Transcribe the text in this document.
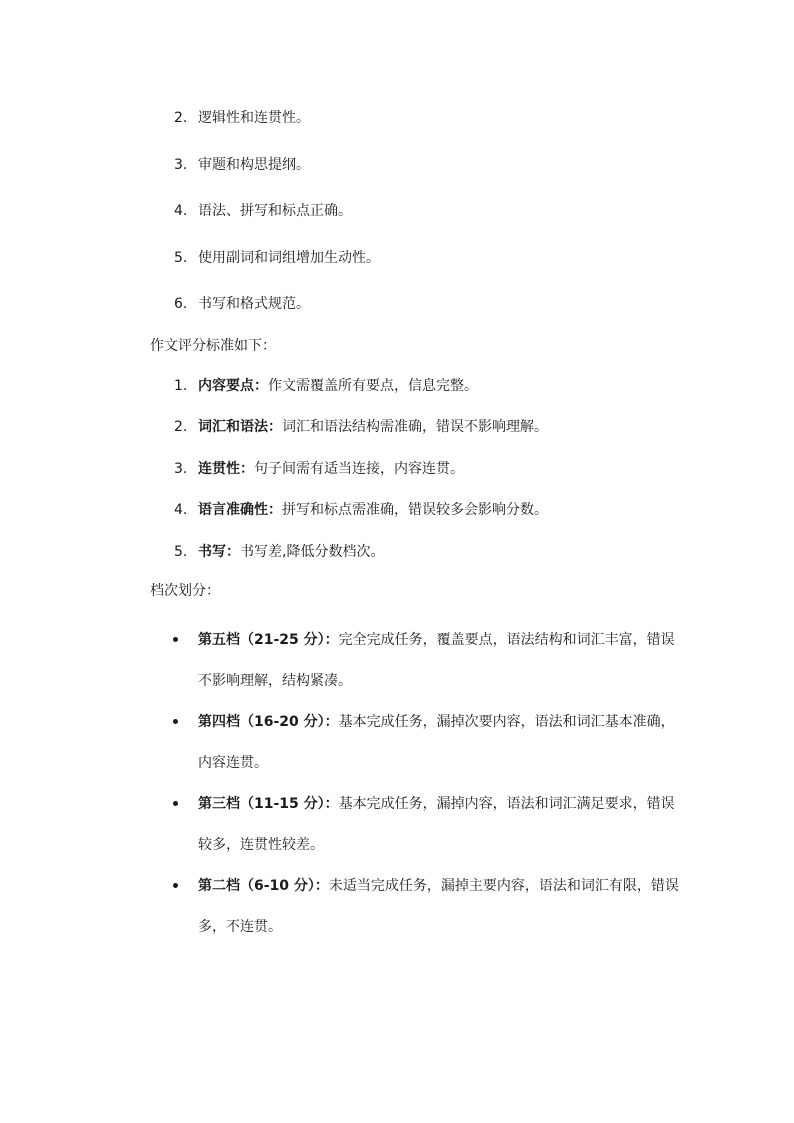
2. 逻辑性和连贯性。
3. 审题和构思提纲。
4. 语法、拼写和标点正确。
5. 使用副词和词组增加生动性。
6. 书写和格式规范。

作文评分标准如下：

1. 内容要点：作文需覆盖所有要点，信息完整。
2. 词汇和语法：词汇和语法结构需准确，错误不影响理解。
3. 连贯性：句子间需有适当连接，内容连贯。
4. 语言准确性：拼写和标点需准确，错误较多会影响分数。
5. 书写：书写差,降低分数档次。

档次划分：

第五档（21-25 分）：完全完成任务，覆盖要点，语法结构和词汇丰富，错误不影响理解，结构紧凑。
第四档（16-20 分）：基本完成任务，漏掉次要内容，语法和词汇基本准确，内容连贯。
第三档（11-15 分）：基本完成任务，漏掉内容，语法和词汇满足要求，错误较多，连贯性较差。
第二档（6-10 分）：未适当完成任务，漏掉主要内容，语法和词汇有限，错误多，不连贯。
